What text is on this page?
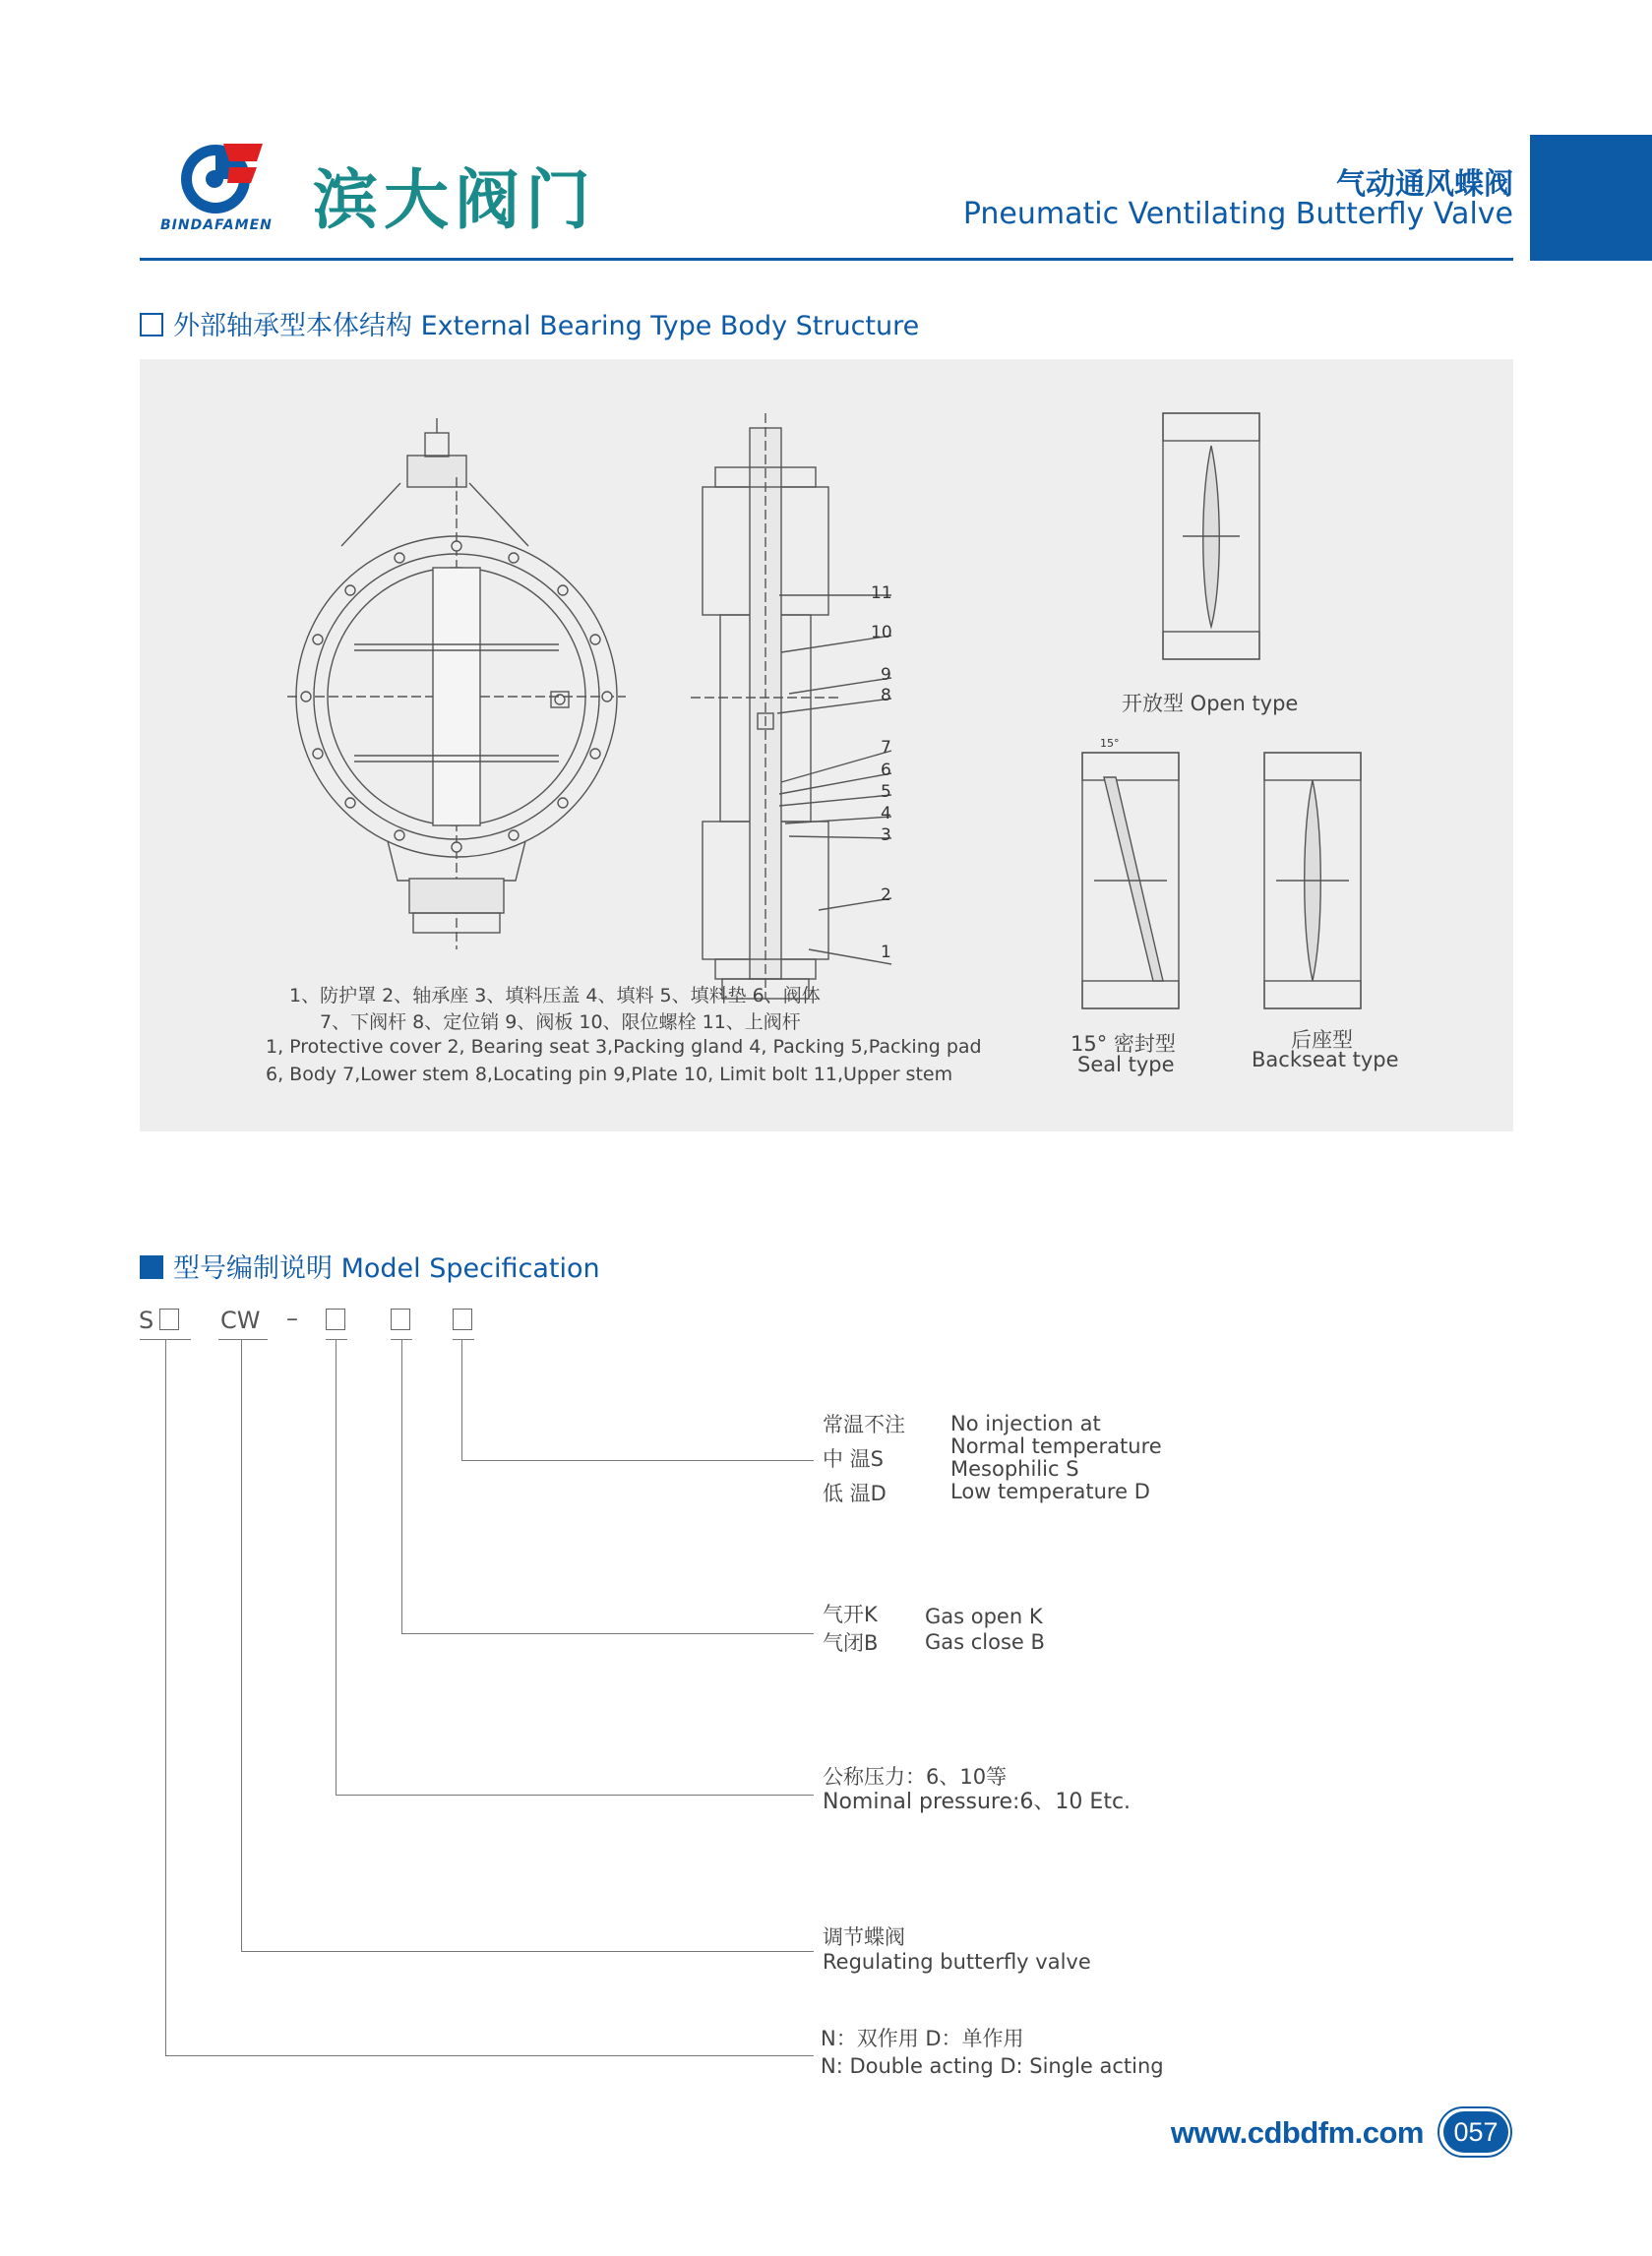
滨大阀门
BINDAFAMEN
气动通风蝶阀
Pneumatic Ventilating Butterfly Valve
外部轴承型本体结构 External Bearing Type Body Structure
11
10
9
8
7
6
5
4
3
2
1
1、防护罩 2、轴承座 3、填料压盖 4、填料 5、填料垫 6、阀体
7、下阀杆 8、定位销 9、阀板 10、限位螺栓 11、上阀杆
1, Protective cover 2, Bearing seat 3,Packing gland 4, Packing 5,Packing pad
6, Body 7,Lower stem 8,Locating pin 9,Plate 10, Limit bolt 11,Upper stem
开放型 Open type
15°
15° 密封型
Seal type
后座型
Backseat type
型号编制说明 Model Specification
S	CW –
常温不注
中 温S
低 温D
No injection at
Normal temperature
Mesophilic S
Low temperature D
气开K
气闭B
Gas open K
Gas close B
公称压力：6、10等
Nominal pressure:6、10 Etc.
调节蝶阀
Regulating butterfly valve
N：双作用 D：单作用
N: Double acting D: Single acting
www.cdbdfm.com	057
